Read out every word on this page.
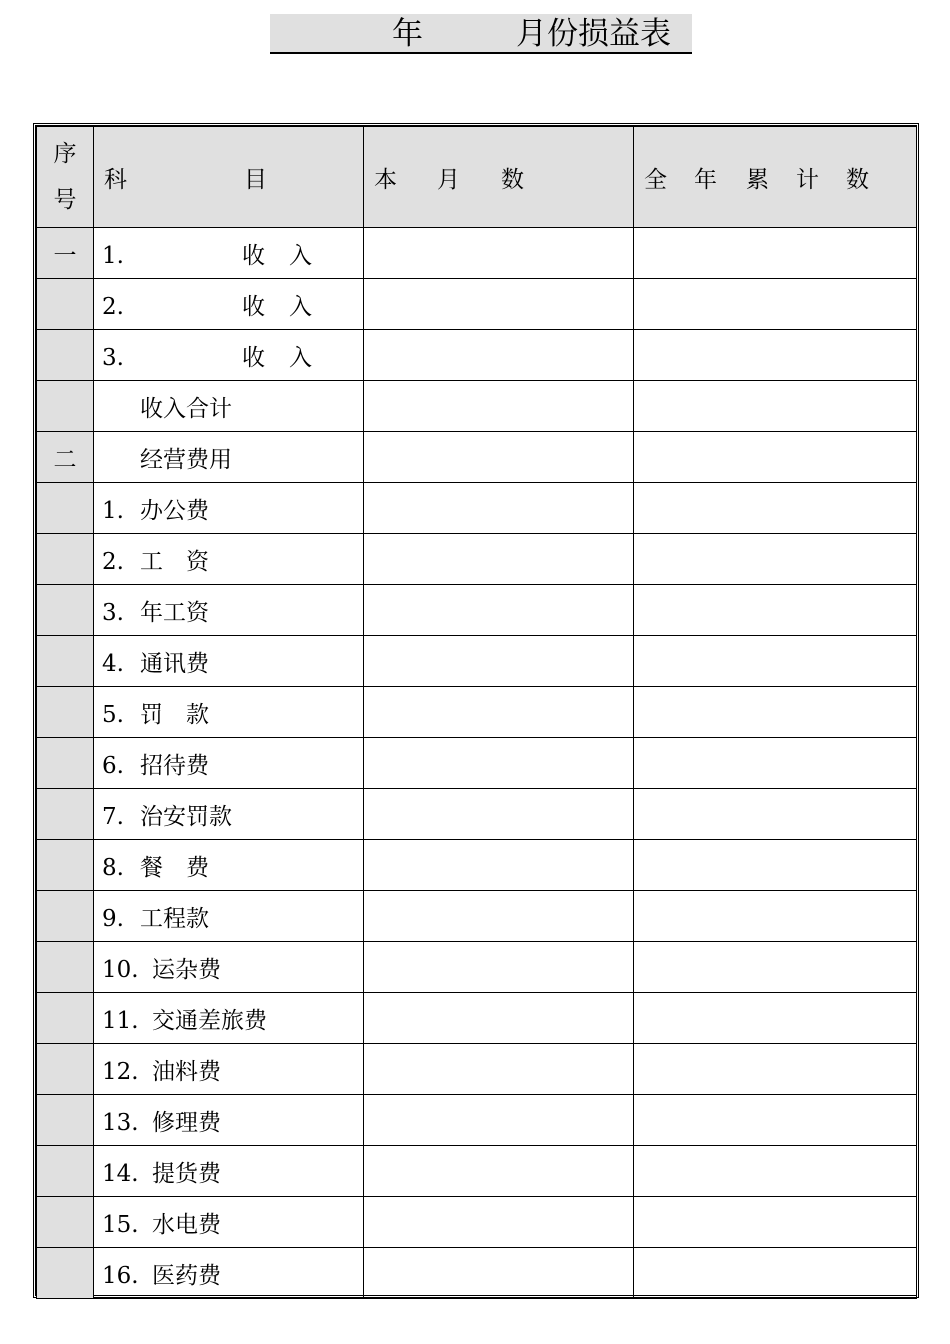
年	月份损益表
序
号	科 目	本 月 数	全 年 累 计 数
一	1. 收 入		
	2. 收 入		
	3. 收 入		
	收入合计		
二	经营费用		
	1. 办公费		
	2. 工　资		
	3. 年工资		
	4. 通讯费		
	5. 罚　款		
	6. 招待费		
	7. 治安罚款		
	8. 餐　费		
	9. 工程款		
	10. 运杂费		
	11. 交通差旅费		
	12. 油料费		
	13. 修理费		
	14. 提货费		
	15. 水电费		
	16. 医药费		
